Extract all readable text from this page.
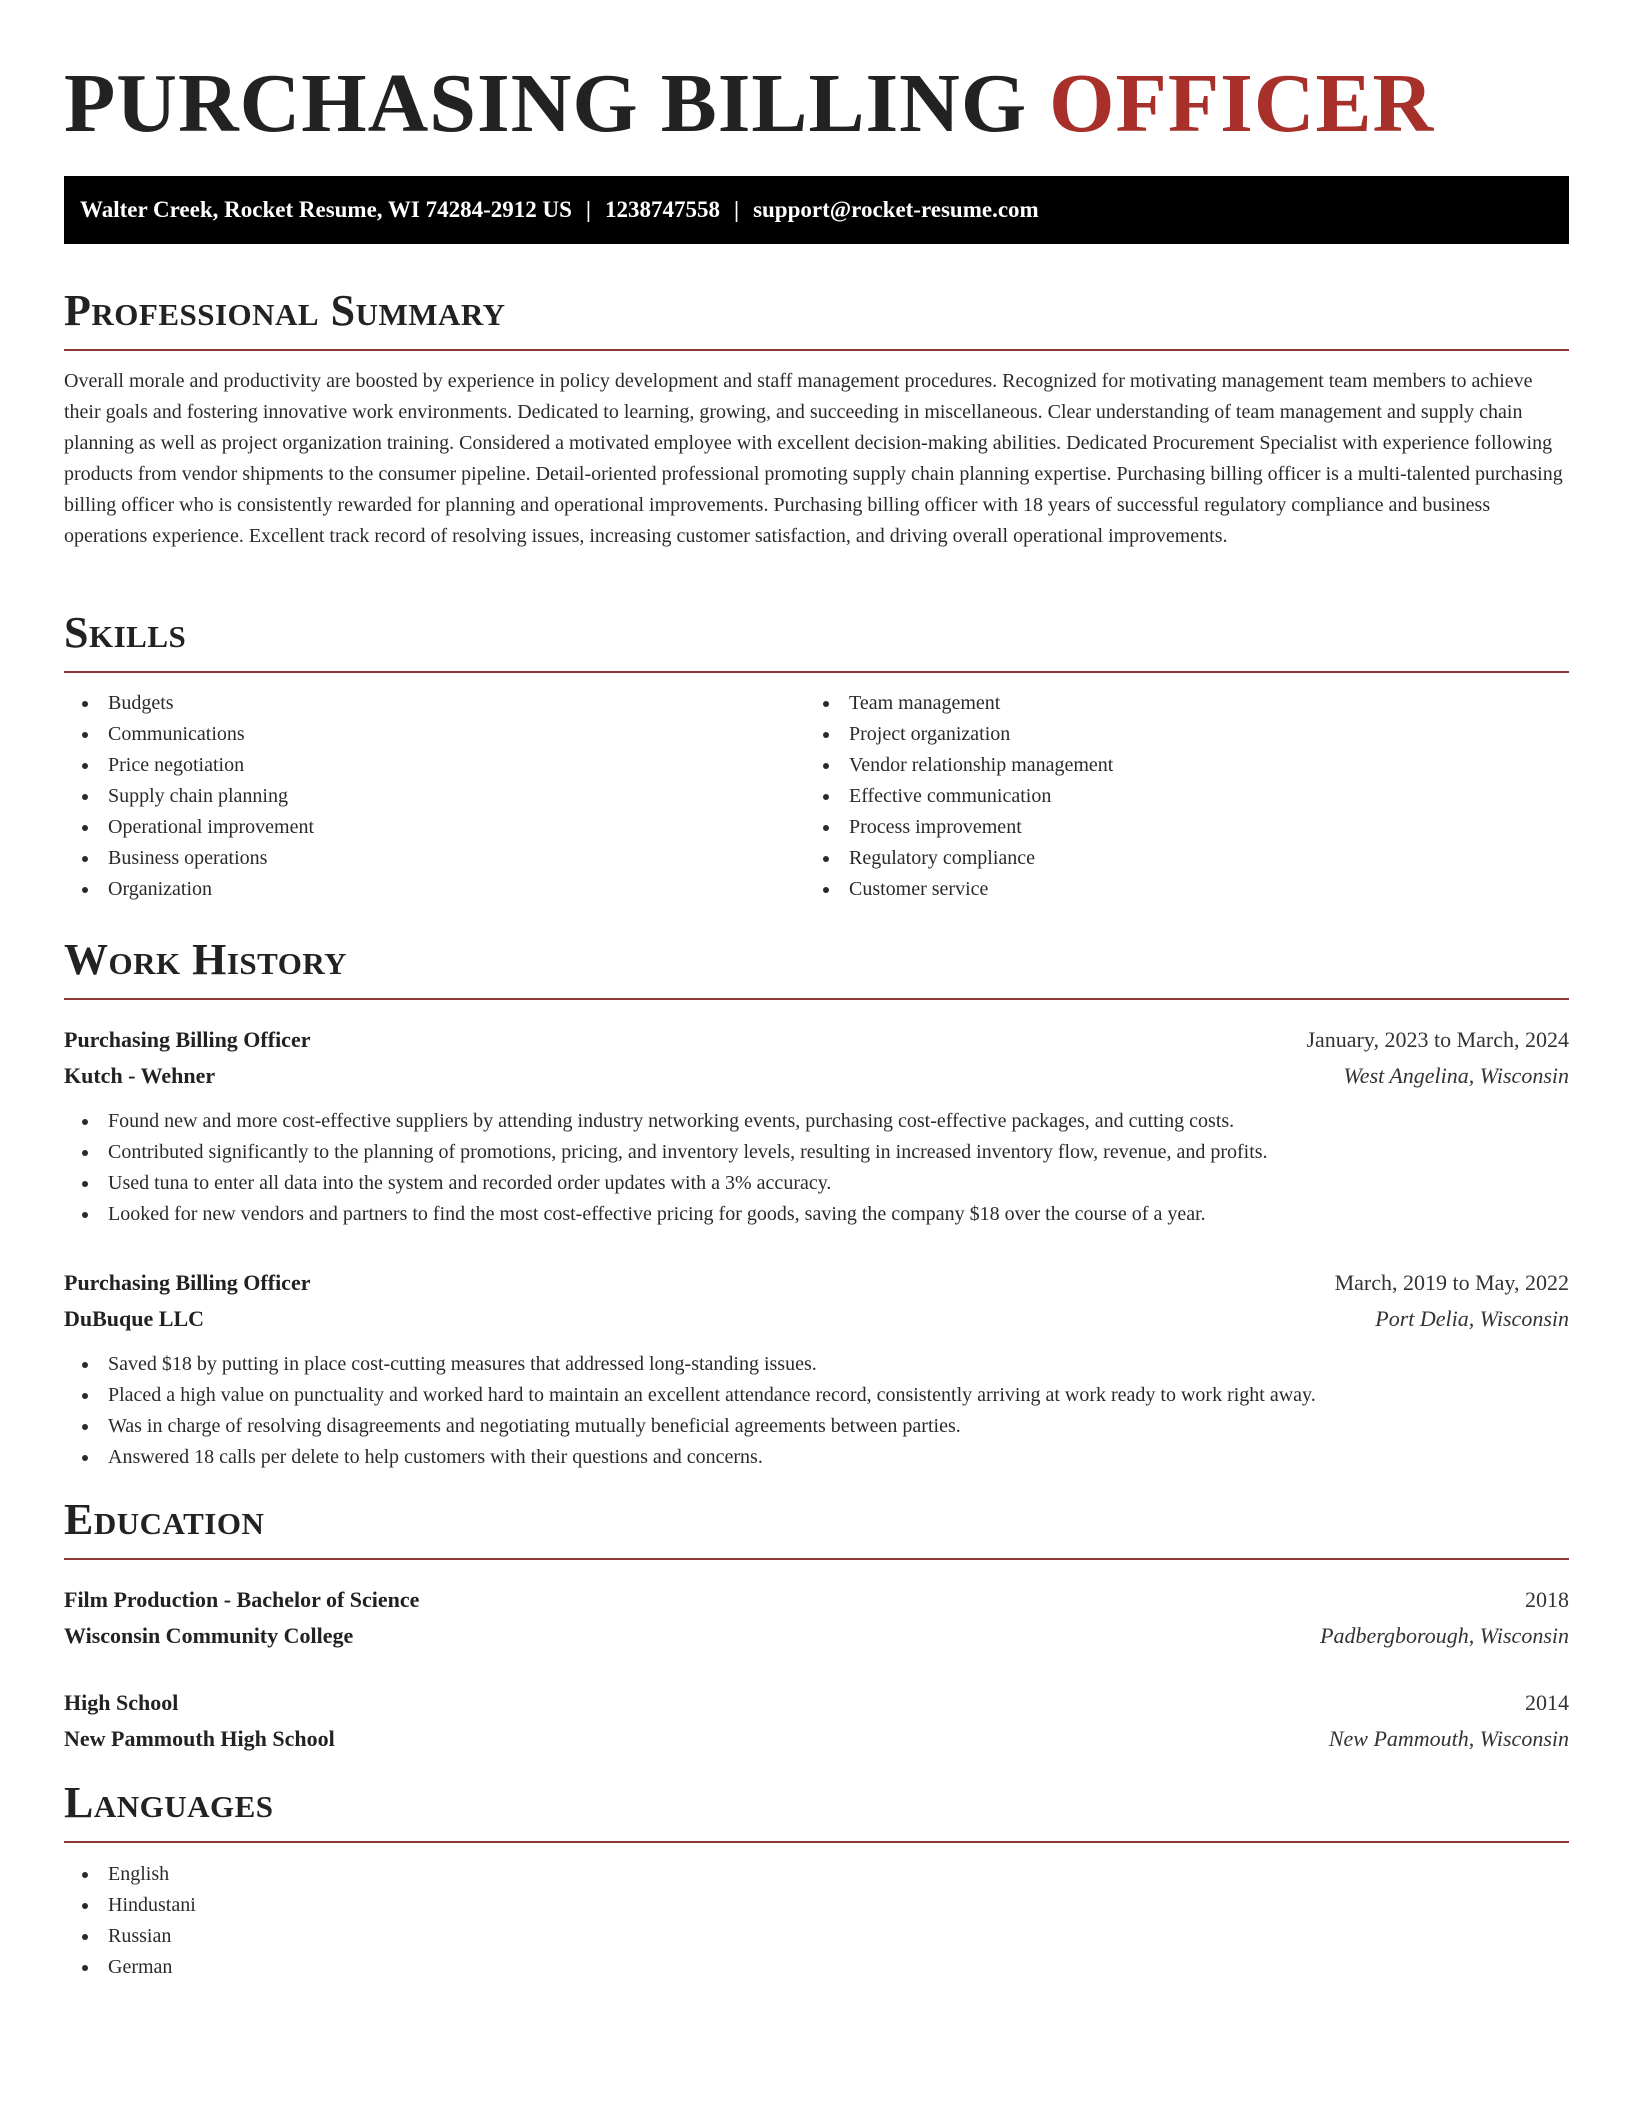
PURCHASING BILLING OFFICER
Walter Creek, Rocket Resume, WI 74284-2912 US | 1238747558 | support@rocket-resume.com
Professional Summary

Overall morale and productivity are boosted by experience in policy development and staff management procedures. Recognized for motivating management team members to achieve their goals and fostering innovative work environments. Dedicated to learning, growing, and succeeding in miscellaneous. Clear understanding of team management and supply chain planning as well as project organization training. Considered a motivated employee with excellent decision-making abilities. Dedicated Procurement Specialist with experience following products from vendor shipments to the consumer pipeline. Detail-oriented professional promoting supply chain planning expertise. Purchasing billing officer is a multi-talented purchasing billing officer who is consistently rewarded for planning and operational improvements. Purchasing billing officer with 18 years of successful regulatory compliance and business operations experience. Excellent track record of resolving issues, increasing customer satisfaction, and driving overall operational improvements.

Skills
Budgets
Communications
Price negotiation
Supply chain planning
Operational improvement
Business operations
Organization
Team management
Project organization
Vendor relationship management
Effective communication
Process improvement
Regulatory compliance
Customer service
Work History
Purchasing Billing Officer	January, 2023 to March, 2024
Kutch - Wehner	West Angelina, Wisconsin
Found new and more cost-effective suppliers by attending industry networking events, purchasing cost-effective packages, and cutting costs.
Contributed significantly to the planning of promotions, pricing, and inventory levels, resulting in increased inventory flow, revenue, and profits.
Used tuna to enter all data into the system and recorded order updates with a 3% accuracy.
Looked for new vendors and partners to find the most cost-effective pricing for goods, saving the company $18 over the course of a year.
Purchasing Billing Officer	March, 2019 to May, 2022
DuBuque LLC	Port Delia, Wisconsin
Saved $18 by putting in place cost-cutting measures that addressed long-standing issues.
Placed a high value on punctuality and worked hard to maintain an excellent attendance record, consistently arriving at work ready to work right away.
Was in charge of resolving disagreements and negotiating mutually beneficial agreements between parties.
Answered 18 calls per delete to help customers with their questions and concerns.
Education
Film Production - Bachelor of Science	2018
Wisconsin Community College	Padbergborough, Wisconsin
High School	2014
New Pammouth High School	New Pammouth, Wisconsin
Languages
English
Hindustani
Russian
German
